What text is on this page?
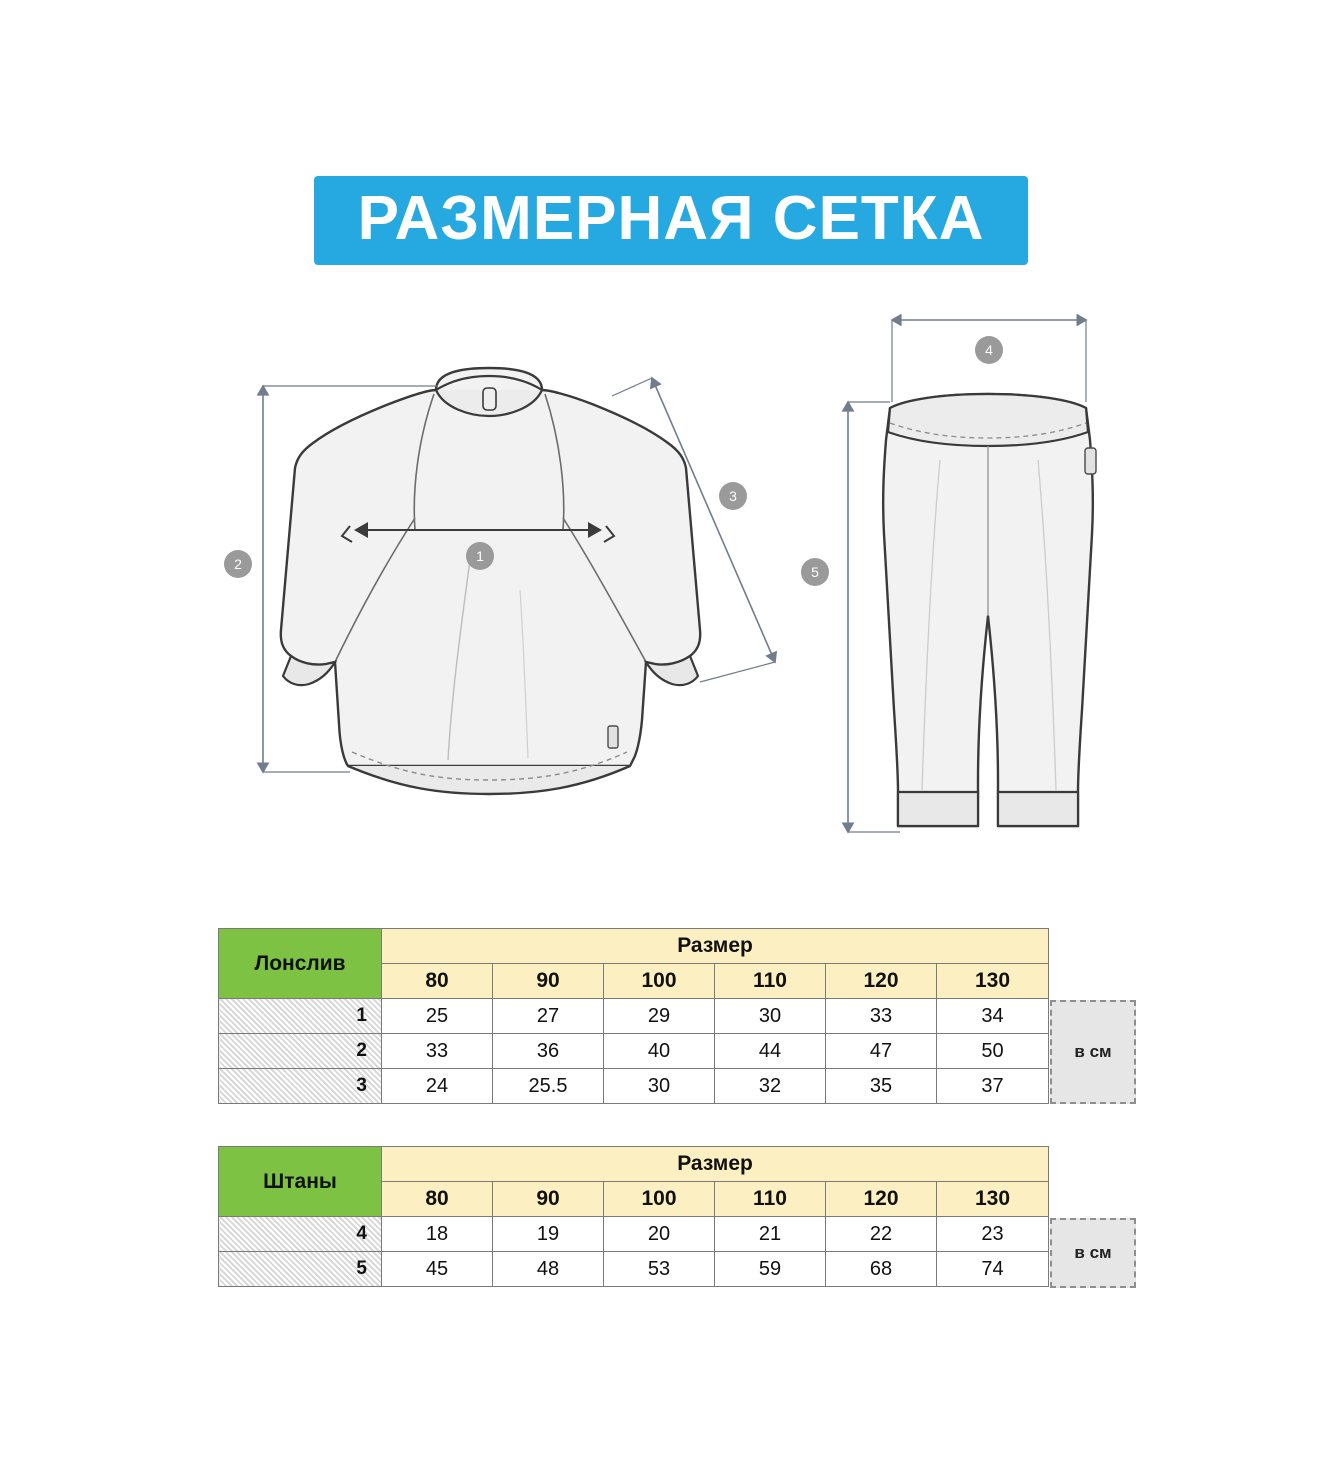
РАЗМЕРНАЯ СЕТКА
1
2
3
4
5
Лонслив	Размер					
	80	90	100	110	120	130
1	25	27	29	30	33	34
2	33	36	40	44	47	50
3	24	25.5	30	32	35	37
в см
Штаны	Размер					
	80	90	100	110	120	130
4	18	19	20	21	22	23
5	45	48	53	59	68	74
в см
